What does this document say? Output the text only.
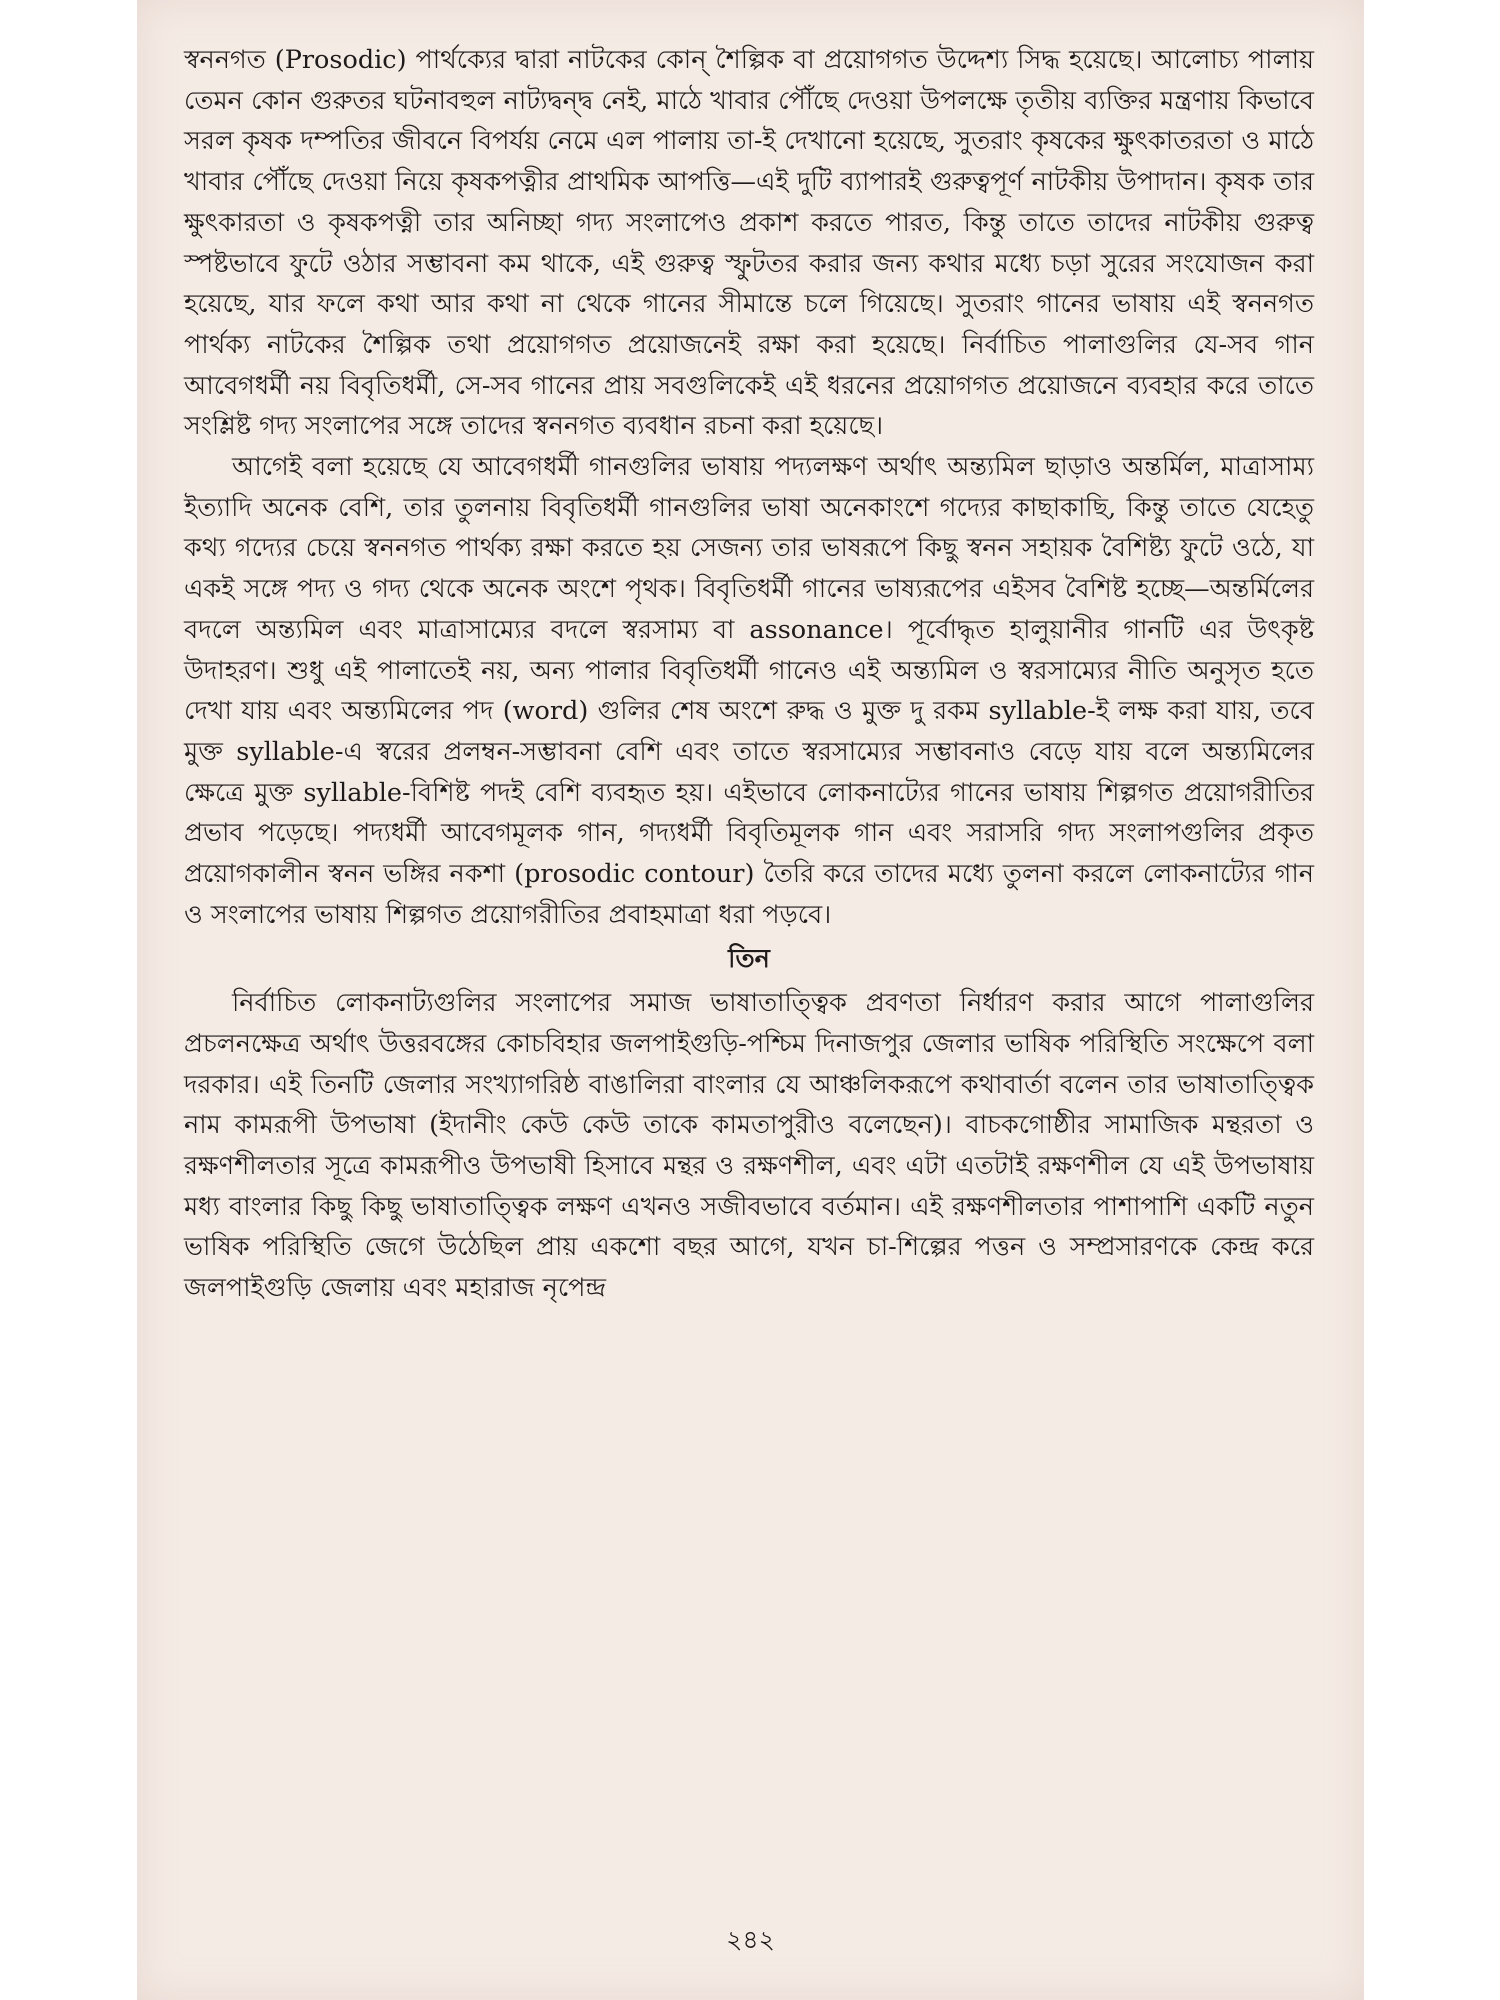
স্বননগত (Prosodic) পার্থক্যের দ্বারা নাটকের কোন্‌ শৈল্পিক বা প্রয়োগগত উদ্দেশ্য সিদ্ধ হয়েছে। আলোচ্য পালায় তেমন কোন গুরুতর ঘটনাবহুল নাট্যদ্বন্দ্ব নেই, মাঠে খাবার পৌঁছে দেওয়া উপলক্ষে তৃতীয় ব্যক্তির মন্ত্রণায় কিভাবে সরল কৃষক দম্পতির জীবনে বিপর্যয় নেমে এল পালায় তা-ই দেখানো হয়েছে, সুতরাং কৃষকের ক্ষুৎকাতরতা ও মাঠে খাবার পৌঁছে দেওয়া নিয়ে কৃষকপত্নীর প্রাথমিক আপত্তি—এই দুটি ব্যাপারই গুরুত্বপূর্ণ নাটকীয় উপাদান। কৃষক তার ক্ষুৎকারতা ও কৃষকপত্নী তার অনিচ্ছা গদ্য সংলাপেও প্রকাশ করতে পারত, কিন্তু তাতে তাদের নাটকীয় গুরুত্ব স্পষ্টভাবে ফুটে ওঠার সম্ভাবনা কম থাকে, এই গুরুত্ব স্ফুটতর করার জন্য কথার মধ্যে চড়া সুরের সংযোজন করা হয়েছে, যার ফলে কথা আর কথা না থেকে গানের সীমান্তে চলে গিয়েছে। সুতরাং গানের ভাষায় এই স্বননগত পার্থক্য নাটকের শৈল্পিক তথা প্রয়োগগত প্রয়োজনেই রক্ষা করা হয়েছে। নির্বাচিত পালাগুলির যে-সব গান আবেগধর্মী নয় বিবৃতিধর্মী, সে-সব গানের প্রায় সবগুলিকেই এই ধরনের প্রয়োগগত প্রয়োজনে ব্যবহার করে তাতে সংশ্লিষ্ট গদ্য সংলাপের সঙ্গে তাদের স্বননগত ব্যবধান রচনা করা হয়েছে।

আগেই বলা হয়েছে যে আবেগধর্মী গানগুলির ভাষায় পদ্যলক্ষণ অর্থাৎ অন্ত্যমিল ছাড়াও অন্তর্মিল, মাত্রাসাম্য ইত্যাদি অনেক বেশি, তার তুলনায় বিবৃতিধর্মী গানগুলির ভাষা অনেকাংশে গদ্যের কাছাকাছি, কিন্তু তাতে যেহেতু কথ্য গদ্যের চেয়ে স্বননগত পার্থক্য রক্ষা করতে হয় সেজন্য তার ভাষরূপে কিছু স্বনন সহায়ক বৈশিষ্ট্য ফুটে ওঠে, যা একই সঙ্গে পদ্য ও গদ্য থেকে অনেক অংশে পৃথক। বিবৃতিধর্মী গানের ভাষ্যরূপের এইসব বৈশিষ্ট হচ্ছে—অন্তর্মিলের বদলে অন্ত্যমিল এবং মাত্রাসাম্যের বদলে স্বরসাম্য বা assonance। পূর্বোদ্ধৃত হালুয়ানীর গানটি এর উৎকৃষ্ট উদাহরণ। শুধু এই পালাতেই নয়, অন্য পালার বিবৃতিধর্মী গানেও এই অন্ত্যমিল ও স্বরসাম্যের নীতি অনুসৃত হতে দেখা যায় এবং অন্ত্যমিলের পদ (word) গুলির শেষ অংশে রুদ্ধ ও মুক্ত দু রকম syllable-ই লক্ষ করা যায়, তবে মুক্ত syllable-এ স্বরের প্রলম্বন-সম্ভাবনা বেশি এবং তাতে স্বরসাম্যের সম্ভাবনাও বেড়ে যায় বলে অন্ত্যমিলের ক্ষেত্রে মুক্ত syllable-বিশিষ্ট পদই বেশি ব্যবহৃত হয়। এইভাবে লোকনাট্যের গানের ভাষায় শিল্পগত প্রয়োগরীতির প্রভাব পড়েছে। পদ্যধর্মী আবেগমূলক গান, গদ্যধর্মী বিবৃতিমূলক গান এবং সরাসরি গদ্য সংলাপগুলির প্রকৃত প্রয়োগকালীন স্বনন ভঙ্গির নকশা (prosodic contour) তৈরি করে তাদের মধ্যে তুলনা করলে লোকনাট্যের গান ও সংলাপের ভাষায় শিল্পগত প্রয়োগরীতির প্রবাহমাত্রা ধরা পড়বে।

তিন

নির্বাচিত লোকনাট্যগুলির সংলাপের সমাজ ভাষাতাত্ত্বিক প্রবণতা নির্ধারণ করার আগে পালাগুলির প্রচলনক্ষেত্র অর্থাৎ উত্তরবঙ্গের কোচবিহার জলপাইগুড়ি-পশ্চিম দিনাজপুর জেলার ভাষিক পরিস্থিতি সংক্ষেপে বলা দরকার। এই তিনটি জেলার সংখ্যাগরিষ্ঠ বাঙালিরা বাংলার যে আঞ্চলিকরূপে কথাবার্তা বলেন তার ভাষাতাত্ত্বিক নাম কামরূপী উপভাষা (ইদানীং কেউ কেউ তাকে কামতাপুরীও বলেছেন)। বাচকগোষ্ঠীর সামাজিক মন্থরতা ও রক্ষণশীলতার সূত্রে কামরূপীও উপভাষী হিসাবে মন্থর ও রক্ষণশীল, এবং এটা এতটাই রক্ষণশীল যে এই উপভাষায় মধ্য বাংলার কিছু কিছু ভাষাতাত্ত্বিক লক্ষণ এখনও সজীবভাবে বর্তমান। এই রক্ষণশীলতার পাশাপাশি একটি নতুন ভাষিক পরিস্থিতি জেগে উঠেছিল প্রায় একশো বছর আগে, যখন চা-শিল্পের পত্তন ও সম্প্রসারণকে কেন্দ্র করে জলপাইগুড়ি জেলায় এবং মহারাজ নৃপেন্দ্র

২৪২
